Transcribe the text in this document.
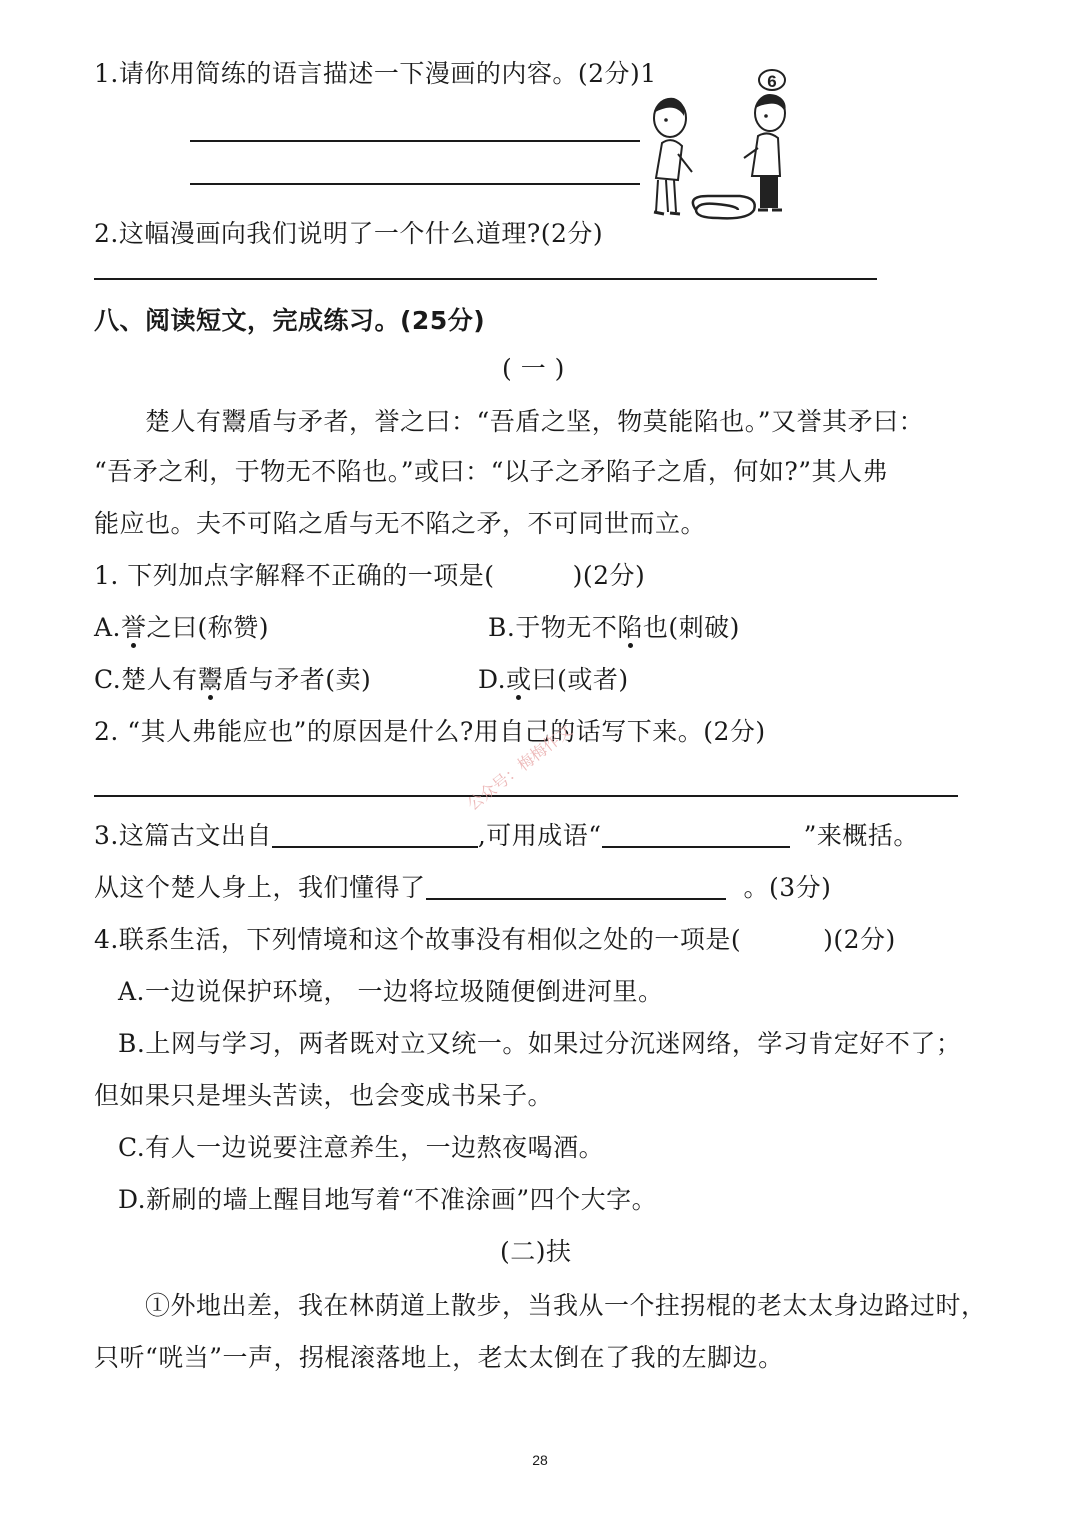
1.请你用简练的语言描述一下漫画的内容。(2分)1	6
2.这幅漫画向我们说明了一个什么道理?(2分)
八、阅读短文，完成练习。(25分)
( 一 )
楚人有鬻盾与矛者，誉之曰：“吾盾之坚，物莫能陷也。”又誉其矛曰：
“吾矛之利，于物无不陷也。”或曰：“以子之矛陷子之盾，何如?”其人弗
能应也。夫不可陷之盾与无不陷之矛，不可同世而立。
1. 下列加点字解释不正确的一项是(	)(2分)
A.誉之曰(称赞)	B.于物无不陷也(刺破)
C.楚人有鬻盾与矛者(卖)	D.或曰(或者)
2. “其人弗能应也”的原因是什么?用自己的话写下来。(2分)
公众号：梅梅作文
3.这篇古文出自	,可用成语“	”来概括。
从这个楚人身上，我们懂得了	。(3分)
4.联系生活，下列情境和这个故事没有相似之处的一项是(	)(2分)
A.一边说保护环境， 一边将垃圾随便倒进河里。
B.上网与学习，两者既对立又统一。如果过分沉迷网络，学习肯定好不了；
但如果只是埋头苦读，也会变成书呆子。
C.有人一边说要注意养生，一边熬夜喝酒。
D.新刷的墙上醒目地写着“不准涂画”四个大字。
(二)扶
①外地出差，我在林荫道上散步，当我从一个拄拐棍的老太太身边路过时，
只听“咣当”一声，拐棍滚落地上，老太太倒在了我的左脚边。
28
